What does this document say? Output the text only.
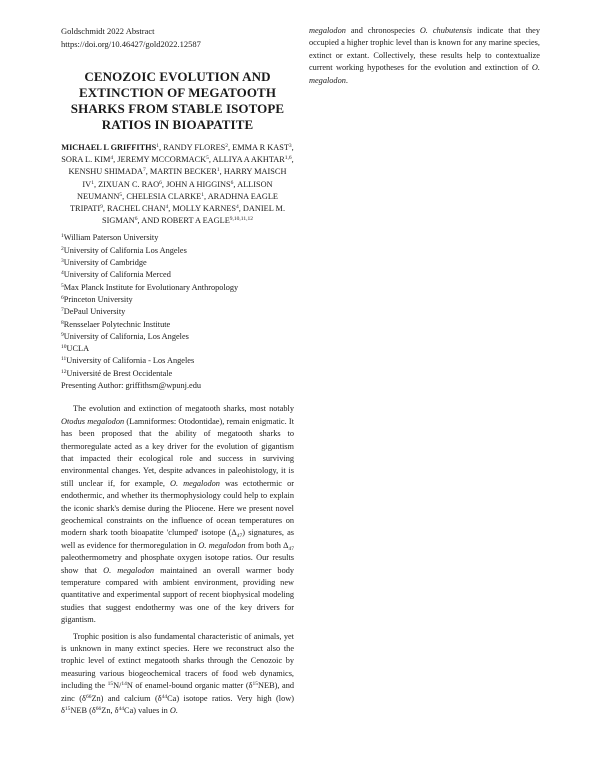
Goldschmidt 2022 Abstract
https://doi.org/10.46427/gold2022.12587
CENOZOIC EVOLUTION AND EXTINCTION OF MEGATOOTH SHARKS FROM STABLE ISOTOPE RATIOS IN BIOAPATITE
MICHAEL L GRIFFITHS$^1$, RANDY FLORES$^2$, EMMA R KAST$^3$, SORA L. KIM$^4$, JEREMY MCCORMACK$^5$, ALLIYA A AKHTAR$^{1,6}$, KENSHU SHIMADA$^7$, MARTIN BECKER$^1$, HARRY MAISCH $IV^1$, ZIXUAN C. RAO$^6$, JOHN A HIGGINS$^6$, ALLISON NEUMANN$^5$, CHELESIA CLARKE$^1$, ARADHNA EAGLE TRIPATI$^9$, RACHEL CHAN$^4$, MOLLY KARNES$^4$, DANIEL M. SIGMAN$^6$, AND ROBERT A EAGLE$^{9,10,11,12}$
$^1$William Paterson University
$^2$University of California Los Angeles
$^3$University of Cambridge
$^4$University of California Merced
$^5$Max Planck Institute for Evolutionary Anthropology
$^6$Princeton University
$^7$DePaul University
$^8$Rensselaer Polytechnic Institute
$^9$University of California, Los Angeles
$^{10}$UCLA
$^{11}$University of California - Los Angeles
$^{12}$Université de Brest Occidentale
Presenting Author: griffithsm@wpunj.edu

The evolution and extinction of megatooth sharks, most notably Otodus megalodon (Lamniformes: Otodontidae), remain enigmatic. It has been proposed that the ability of megatooth sharks to thermoregulate acted as a key driver for the evolution of gigantism that impacted their ecological role and success in surviving environmental changes. Yet, despite advances in paleohistology, it is still unclear if, for example, O. megalodon was ectothermic or endothermic, and whether its thermophysiology could help to explain the iconic shark's demise during the Pliocene. Here we present novel geochemical constraints on the influence of ocean temperatures on modern shark tooth bioapatite 'clumped' isotope $(\Delta_{47})$ signatures, as well as evidence for thermoregulation in O. megalodon from both $\Delta_{47}$ paleothermometry and phosphate oxygen isotope ratios. Our results show that O. megalodon maintained an overall warmer body temperature compared with ambient environment, providing new quantitative and experimental support of recent biophysical modeling studies that suggest endothermy was one of the key drivers for gigantism.

Trophic position is also fundamental characteristic of animals, yet is unknown in many extinct species. Here we reconstruct also the trophic level of extinct megatooth sharks through the Cenozoic by measuring various biogeochemical tracers of food web dynamics, including the $^{15}$N/$^{14}$N of enamel-bound organic matter $(\delta^{15}NEB)$, and zinc $(\delta^{66}Zn)$ and calcium $(\delta^{44}Ca)$ isotope ratios. Very high (low) $\delta^{15}NEB$ ($\delta^{66}Zn$, $\delta^{44}Ca$) values in O.

megalodon and chronospecies O. chubutensis indicate that they occupied a higher trophic level than is known for any marine species, extinct or extant. Collectively, these results help to contextualize current working hypotheses for the evolution and extinction of O. megalodon.
